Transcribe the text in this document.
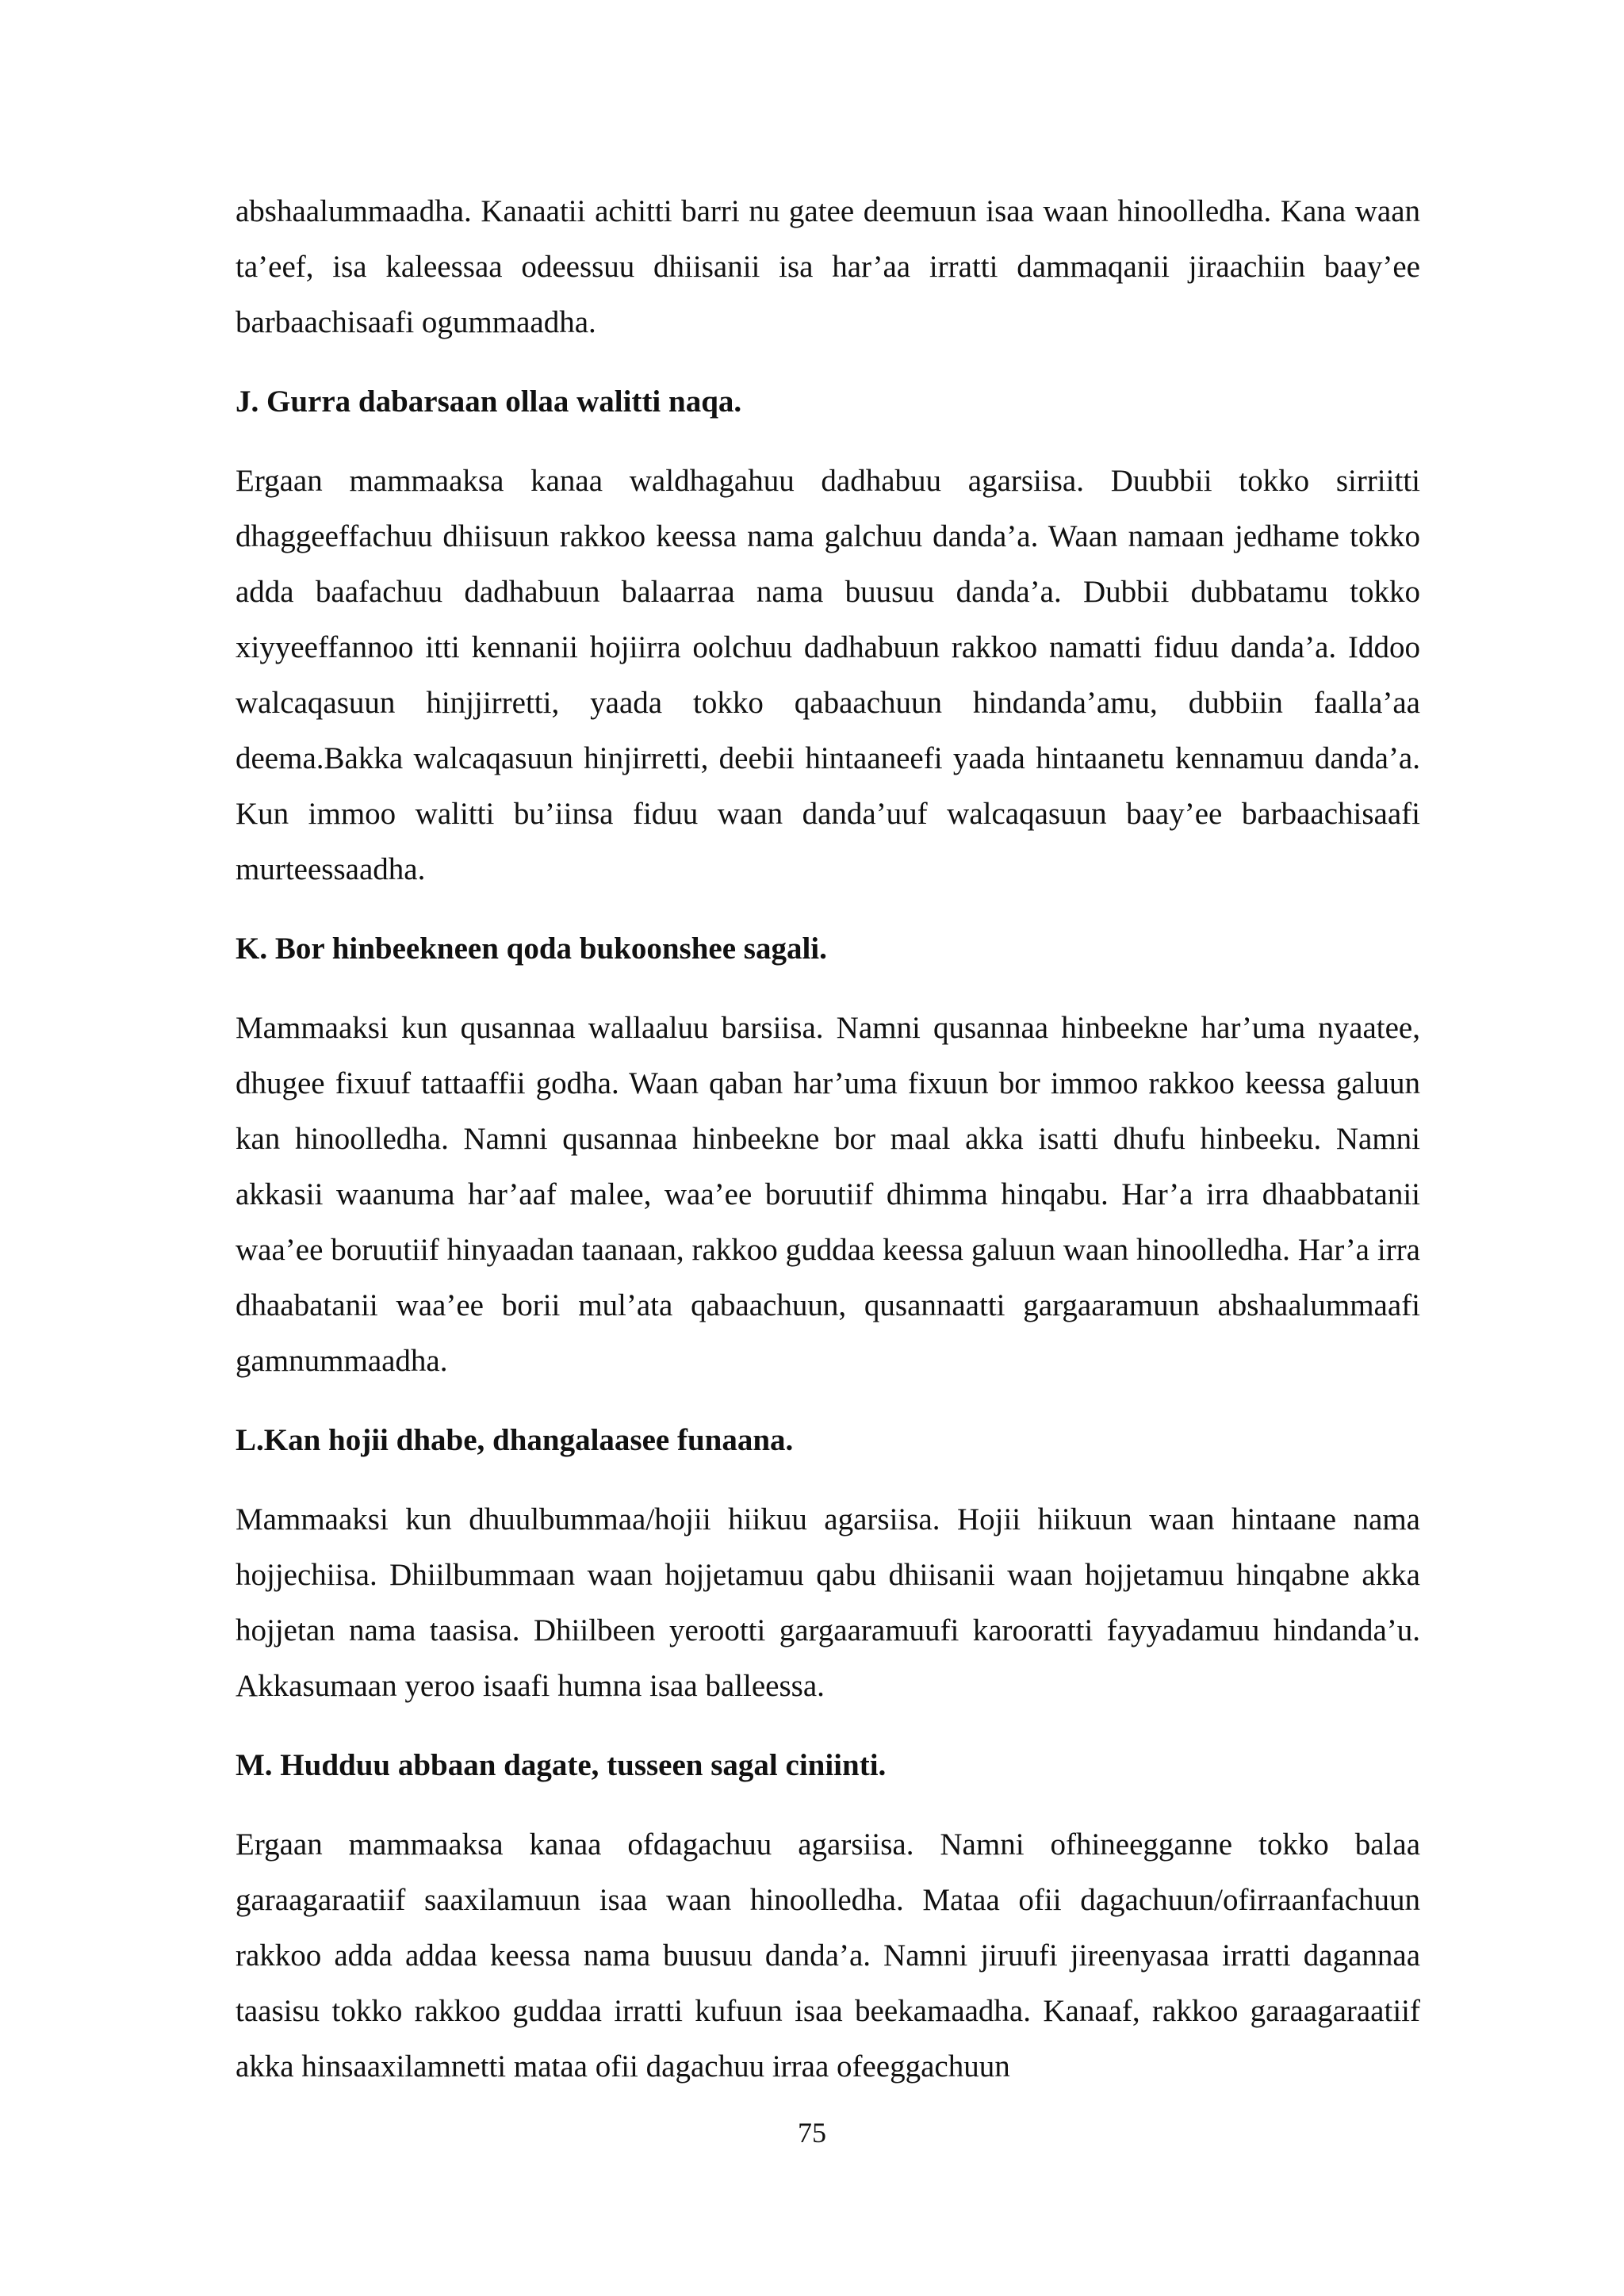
abshaalummaadha. Kanaatii achitti barri nu gatee deemuun isaa waan hinoolledha. Kana waan ta’eef, isa kaleessaa odeessuu dhiisanii isa har’aa irratti dammaqanii jiraachiin baay’ee barbaachisaafi ogummaadha.

J. Gurra dabarsaan ollaa walitti naqa.

Ergaan mammaaksa kanaa waldhagahuu dadhabuu agarsiisa. Duubbii tokko sirriitti dhaggeeffachuu dhiisuun rakkoo keessa nama galchuu danda’a. Waan namaan jedhame tokko adda baafachuu dadhabuun balaarraa nama buusuu danda’a. Dubbii dubbatamu tokko xiyyeeffannoo itti kennanii hojiirra oolchuu dadhabuun rakkoo namatti fiduu danda’a. Iddoo walcaqasuun hinjjirretti, yaada tokko qabaachuun hindanda’amu, dubbiin faalla’aa deema.Bakka walcaqasuun hinjirretti, deebii hintaaneefi yaada hintaanetu kennamuu danda’a. Kun immoo walitti bu’iinsa fiduu waan danda’uuf walcaqasuun baay’ee barbaachisaafi murteessaadha.

K. Bor hinbeekneen qoda bukoonshee sagali.

Mammaaksi kun qusannaa wallaaluu barsiisa. Namni qusannaa hinbeekne har’uma nyaatee, dhugee fixuuf tattaaffii godha. Waan qaban har’uma fixuun bor immoo rakkoo keessa galuun kan hinoolledha. Namni qusannaa hinbeekne bor maal akka isatti dhufu hinbeeku. Namni akkasii waanuma har’aaf malee, waa’ee boruutiif dhimma hinqabu. Har’a irra dhaabbatanii waa’ee boruutiif hinyaadan taanaan, rakkoo guddaa keessa galuun waan hinoolledha. Har’a irra dhaabatanii waa’ee borii mul’ata qabaachuun, qusannaatti gargaaramuun abshaalummaafi gamnummaadha.

L.Kan hojii dhabe, dhangalaasee funaana.

Mammaaksi kun dhuulbummaa/hojii hiikuu agarsiisa. Hojii hiikuun waan hintaane nama hojjechiisa. Dhiilbummaan waan hojjetamuu qabu dhiisanii waan hojjetamuu hinqabne akka hojjetan nama taasisa. Dhiilbeen yerootti gargaaramuufi karooratti fayyadamuu hindanda’u. Akkasumaan yeroo isaafi humna isaa balleessa.

M. Hudduu abbaan dagate, tusseen sagal ciniinti.

Ergaan mammaaksa kanaa ofdagachuu agarsiisa. Namni ofhineegganne tokko balaa garaagaraatiif saaxilamuun isaa waan hinoolledha. Mataa ofii dagachuun/ofirraanfachuun rakkoo adda addaa keessa nama buusuu danda’a. Namni jiruufi jireenyasaa irratti dagannaa taasisu tokko rakkoo guddaa irratti kufuun isaa beekamaadha. Kanaaf, rakkoo garaagaraatiif akka hinsaaxilamnetti mataa ofii dagachuu irraa ofeeggachuun

75
